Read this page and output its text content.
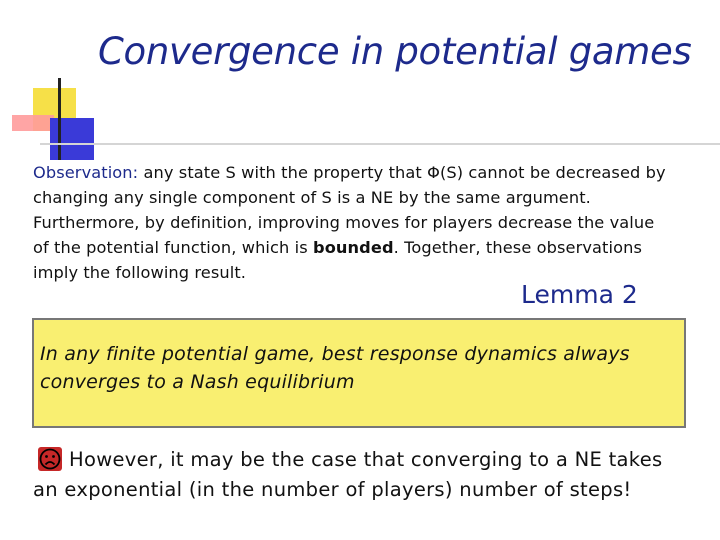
Convergence in potential games
Observation: any state S with the property that Φ(S) cannot be decreased by changing any single component of S is a NE by the same argument. Furthermore, by definition, improving moves for players decrease the value of the potential function, which is bounded. Together, these observations imply the following result.
Lemma 2
In any finite potential game, best response dynamics always converges to a Nash equilibrium
However, it may be the case that converging to a NE takes an exponential (in the number of players) number of steps!
